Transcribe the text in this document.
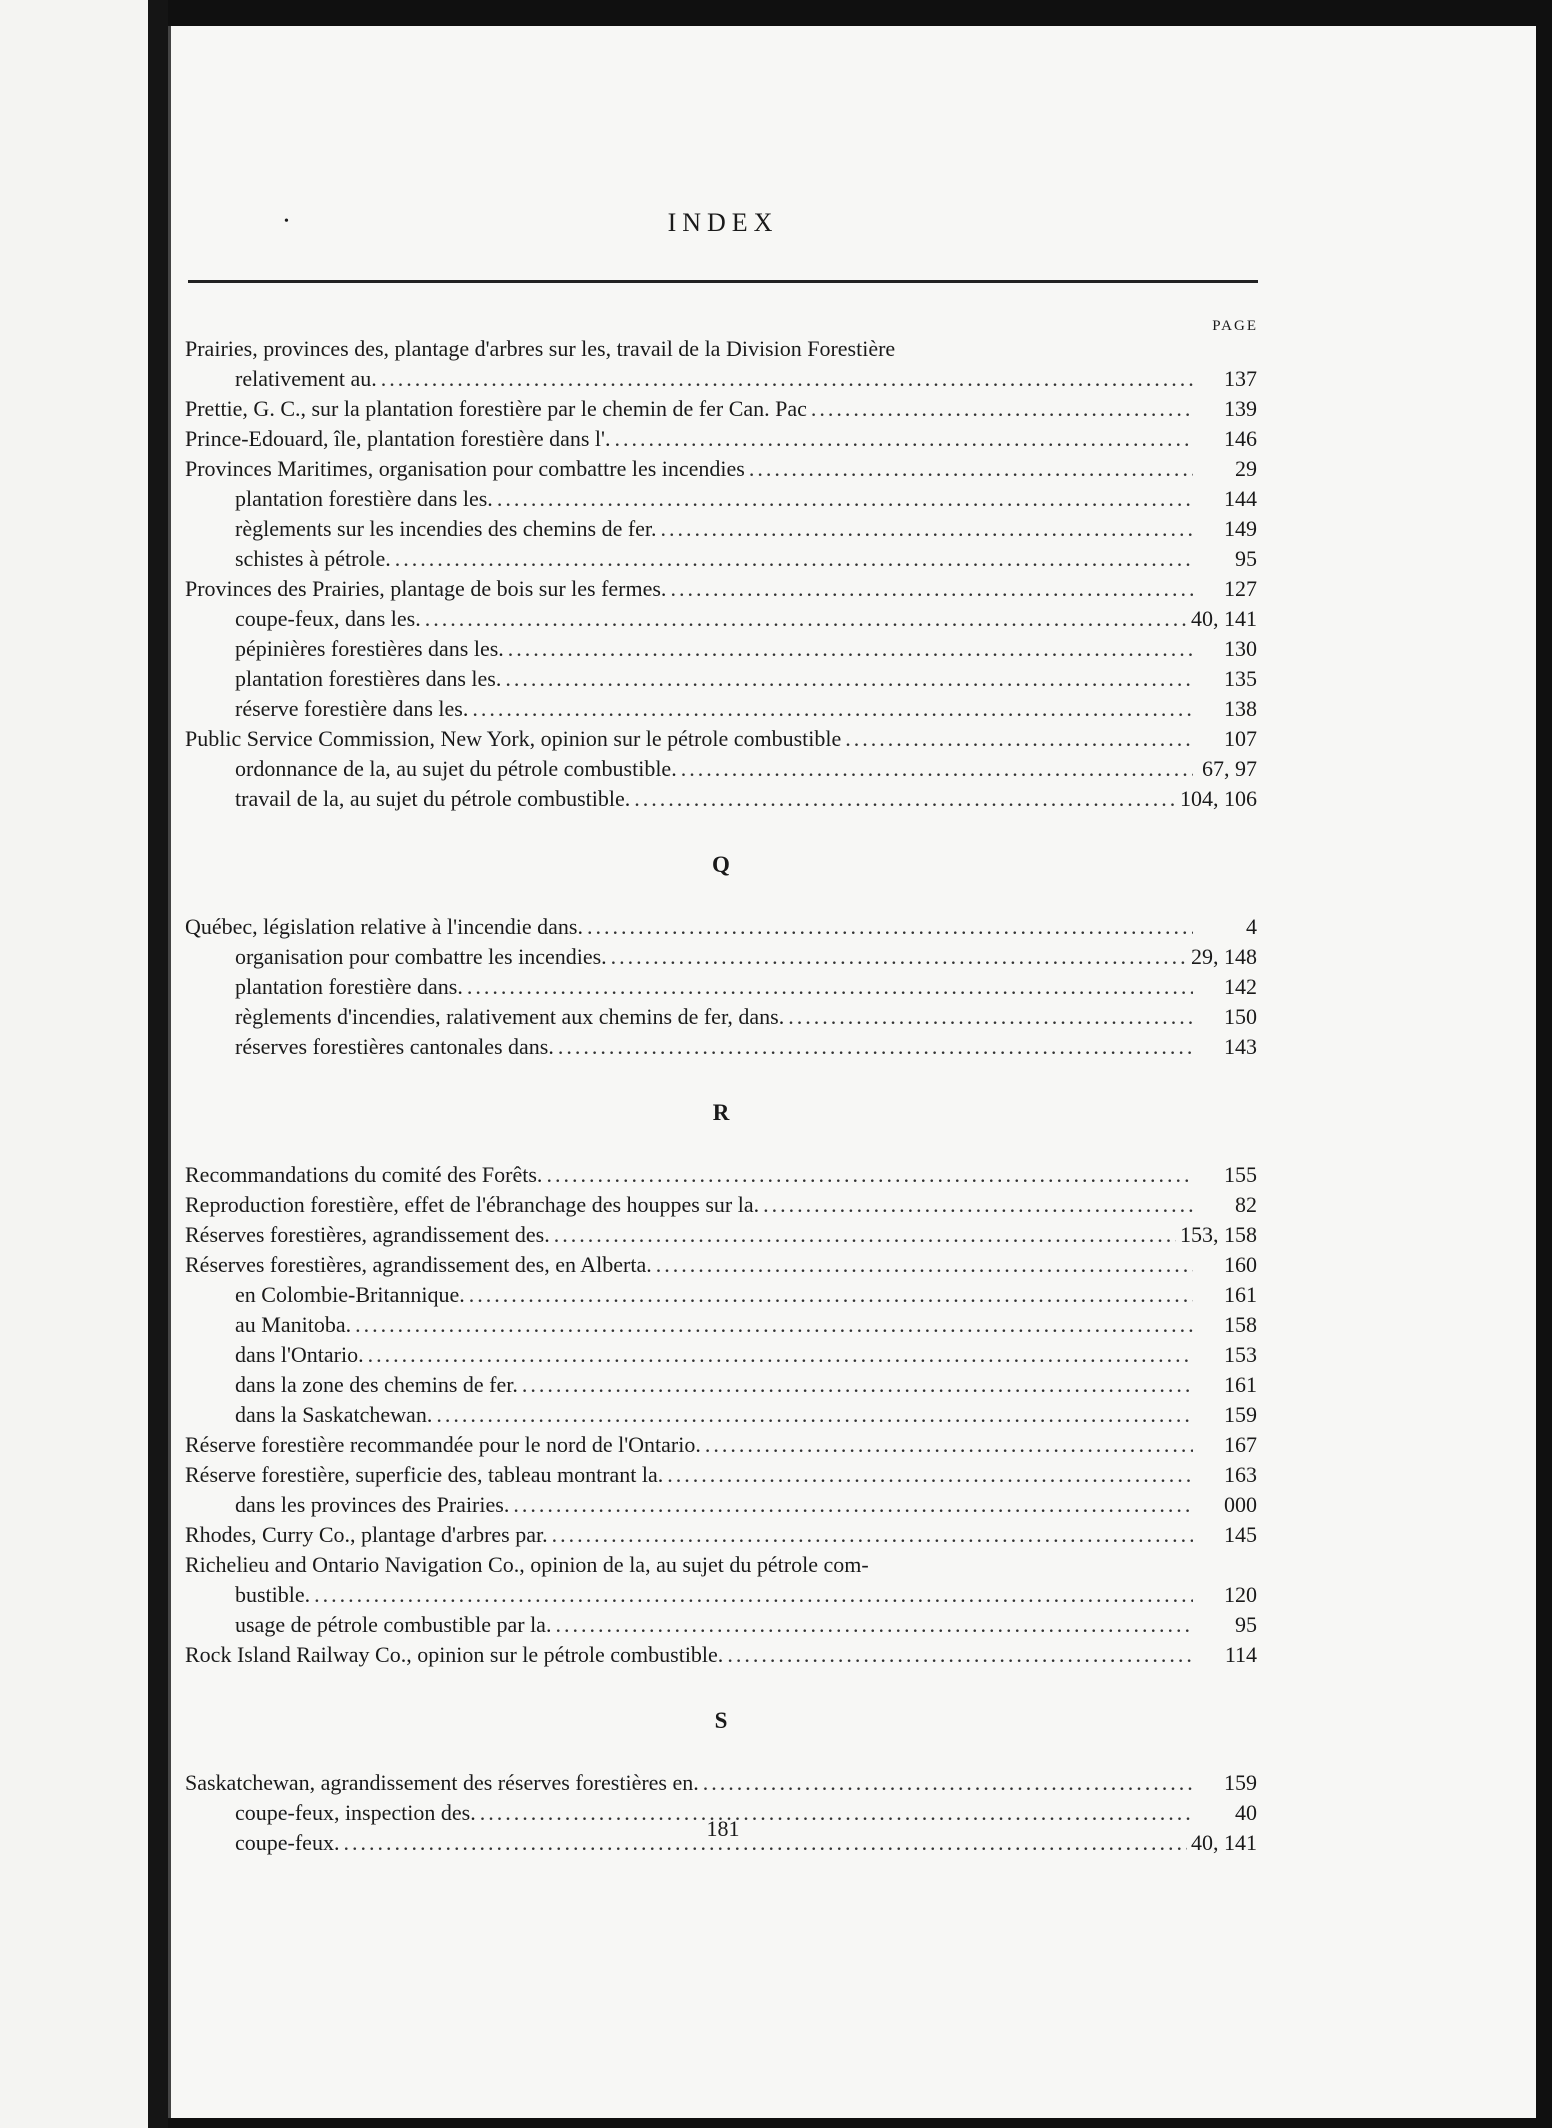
•	INDEX
PAGE
Prairies, provinces des, plantage d'arbres sur les, travail de la Division Forestière
relativement au. .....	137
Prettie, G. C., sur la plantation forestière par le chemin de fer Can. Pac .....	139
Prince-Edouard, île, plantation forestière dans l'. .....	146
Provinces Maritimes, organisation pour combattre les incendies .....	29
plantation forestière dans les. .....	144
règlements sur les incendies des chemins de fer. .....	149
schistes à pétrole. .....	95
Provinces des Prairies, plantage de bois sur les fermes. .....	127
coupe-feux, dans les. .....	40, 141
pépinières forestières dans les. .....	130
plantation forestières dans les. .....	135
réserve forestière dans les. .....	138
Public Service Commission, New York, opinion sur le pétrole combustible .....	107
ordonnance de la, au sujet du pétrole combustible. .....	67, 97
travail de la, au sujet du pétrole combustible. .....	104, 106
Q
Québec, législation relative à l'incendie dans. .....	4
organisation pour combattre les incendies. .....	29, 148
plantation forestière dans. .....	142
règlements d'incendies, ralativement aux chemins de fer, dans. .....	150
réserves forestières cantonales dans. .....	143
R
Recommandations du comité des Forêts. .....	155
Reproduction forestière, effet de l'ébranchage des houppes sur la. .....	82
Réserves forestières, agrandissement des. .....	153, 158
Réserves forestières, agrandissement des, en Alberta. .....	160
en Colombie-Britannique. .....	161
au Manitoba. .....	158
dans l'Ontario. .....	153
dans la zone des chemins de fer. .....	161
dans la Saskatchewan. .....	159
Réserve forestière recommandée pour le nord de l'Ontario. .....	167
Réserve forestière, superficie des, tableau montrant la. .....	163
dans les provinces des Prairies. .....	000
Rhodes, Curry Co., plantage d'arbres par. .....	145
Richelieu and Ontario Navigation Co., opinion de la, au sujet du pétrole com-
bustible. .....	120
usage de pétrole combustible par la. .....	95
Rock Island Railway Co., opinion sur le pétrole combustible. .....	114
S
Saskatchewan, agrandissement des réserves forestières en. .....	159
coupe-feux, inspection des. .....	40
coupe-feux. .....	40, 141
181
